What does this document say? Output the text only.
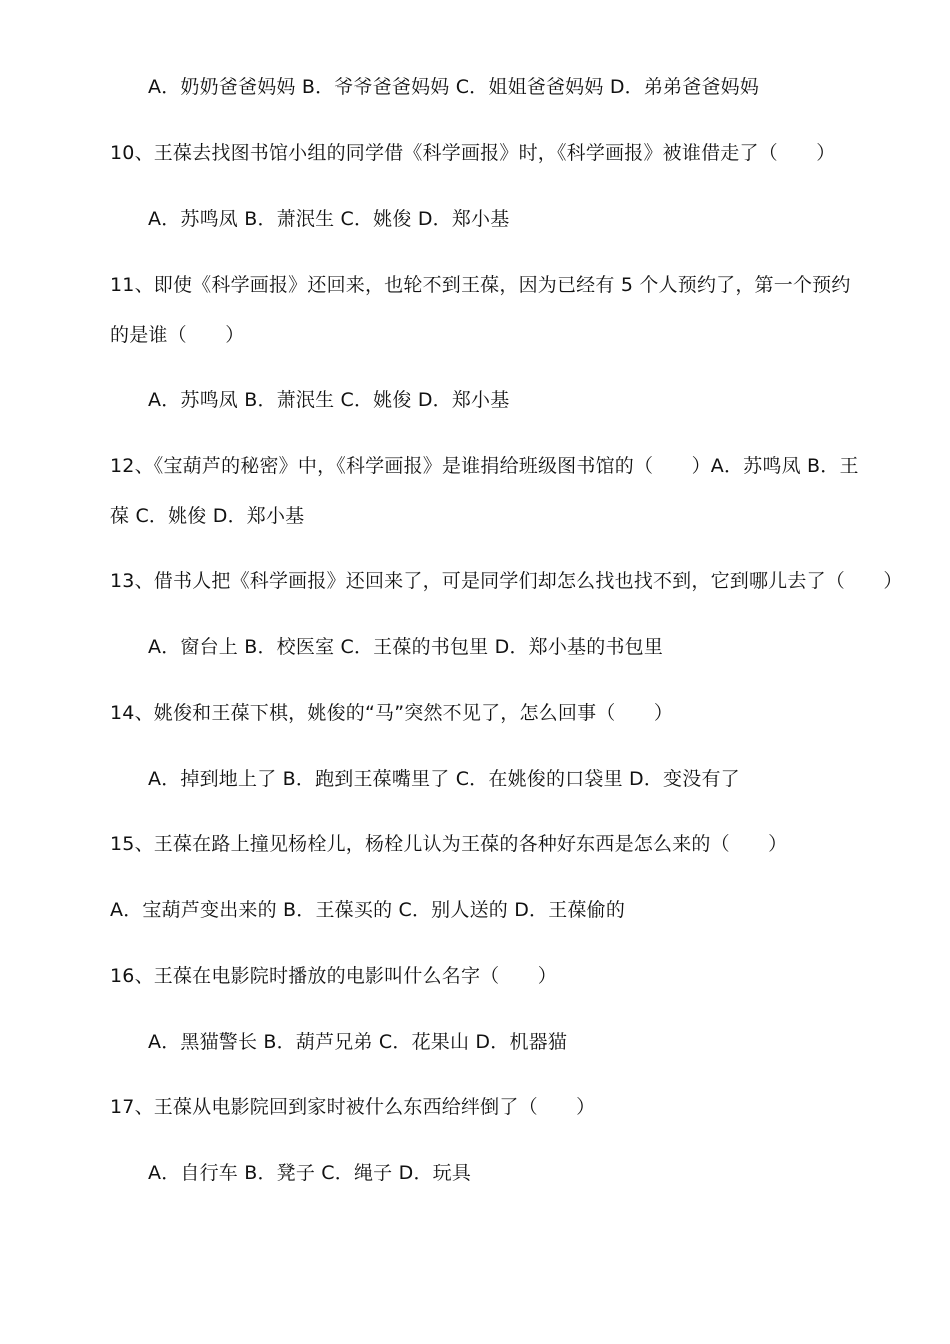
A．奶奶爸爸妈妈 B．爷爷爸爸妈妈 C．姐姐爸爸妈妈 D．弟弟爸爸妈妈
10、王葆去找图书馆小组的同学借《科学画报》时，《科学画报》被谁借走了（　　）
A．苏鸣凤 B．萧泯生 C．姚俊 D．郑小基
11、即使《科学画报》还回来，也轮不到王葆，因为已经有 5 个人预约了，第一个预约
的是谁（　　）
A．苏鸣凤 B．萧泯生 C．姚俊 D．郑小基
12、《宝葫芦的秘密》中，《科学画报》是谁捐给班级图书馆的（　　）A．苏鸣凤 B．王
葆 C．姚俊 D．郑小基
13、借书人把《科学画报》还回来了，可是同学们却怎么找也找不到，它到哪儿去了（　　）
A．窗台上 B．校医室 C．王葆的书包里 D．郑小基的书包里
14、姚俊和王葆下棋，姚俊的“马”突然不见了，怎么回事（　　）
A．掉到地上了 B．跑到王葆嘴里了 C．在姚俊的口袋里 D．变没有了
15、王葆在路上撞见杨栓儿，杨栓儿认为王葆的各种好东西是怎么来的（　　）
A．宝葫芦变出来的 B．王葆买的 C．别人送的 D．王葆偷的
16、王葆在电影院时播放的电影叫什么名字（　　）
A．黑猫警长 B．葫芦兄弟 C．花果山 D．机器猫
17、王葆从电影院回到家时被什么东西给绊倒了（　　）
A．自行车 B．凳子 C．绳子 D．玩具
